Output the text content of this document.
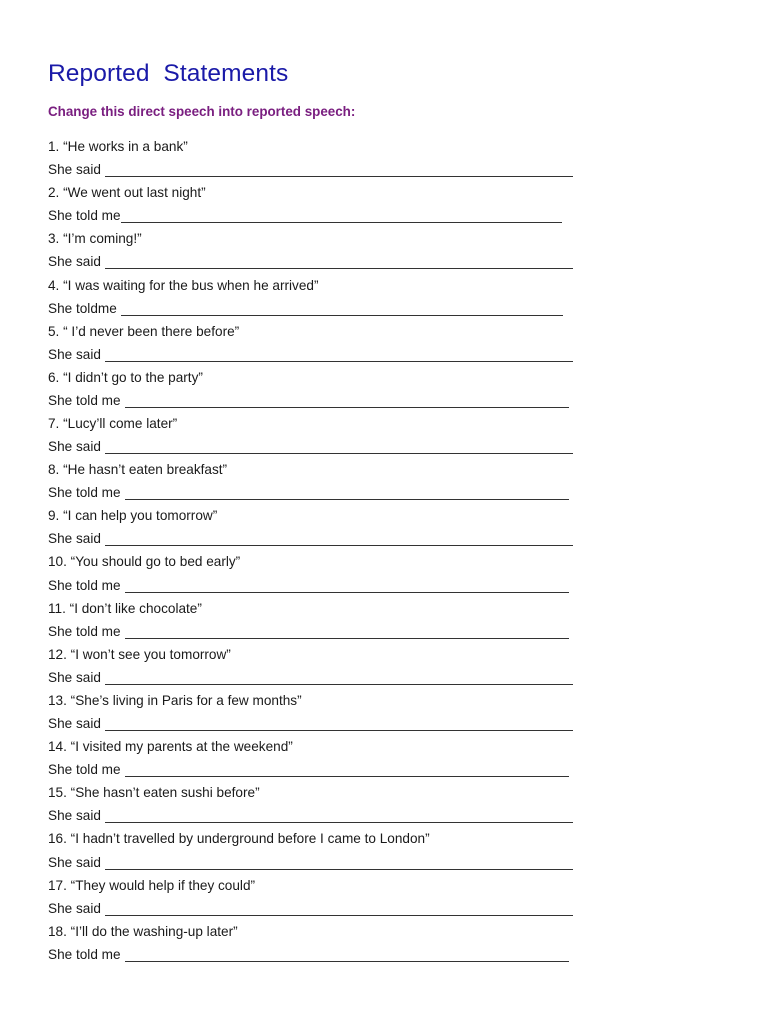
Reported  Statements
Change this direct speech into reported speech:
1. “He works in a bank”
She said
2. “We went out last night”
She told me
3. “I’m coming!”
She said
4. “I was waiting for the bus when he arrived”
She toldme
5. “ I’d never been there before”
She said
6. “I didn’t go to the party”
She told me
7. “Lucy’ll come later”
She said
8. “He hasn’t eaten breakfast”
She told me
9. “I can help you tomorrow”
She said
10. “You should go to bed early”
She told me
11. “I don’t like chocolate”
She told me
12. “I won’t see you tomorrow”
She said
13. “She’s living in Paris for a few months”
She said
14. “I visited my parents at the weekend”
She told me
15. “She hasn’t eaten sushi before”
She said
16. “I hadn’t travelled by underground before I came to London”
She said
17. “They would help if they could”
She said
18. “I’ll do the washing-up later”
She told me
